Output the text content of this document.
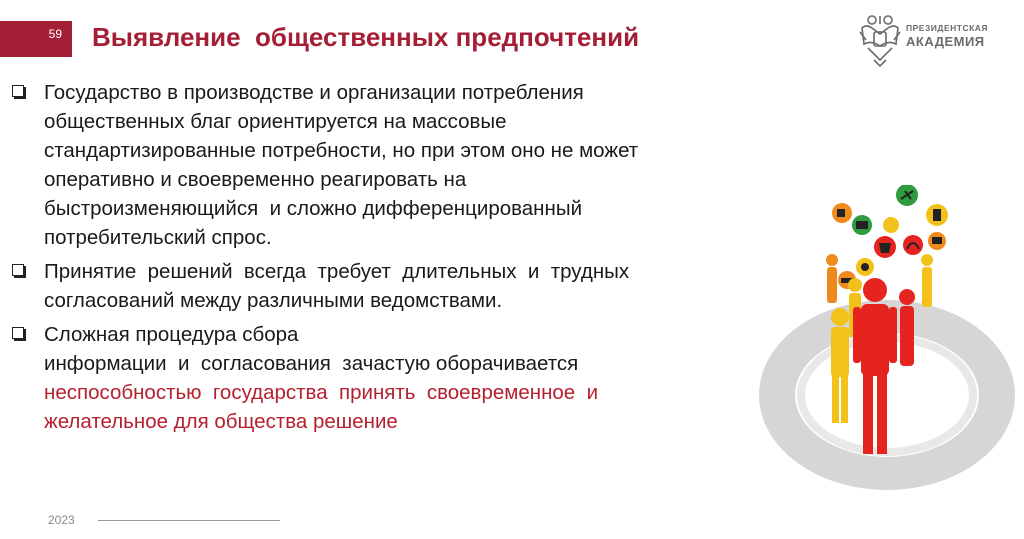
59 Выявление  общественных предпочтений	ПРЕЗИДЕНТСКАЯ
АКАДЕМИЯ

Государство в производстве и организации потребления
общественных благ ориентируется на массовые
стандартизированные потребности, но при этом оно не может
оперативно и своевременно реагировать на
быстроизменяющийся  и сложно дифференцированный
потребительский спрос.

Принятие  решений  всегда  требует  длительных  и  трудных
согласований между различными ведомствами.

Сложная процедура сбора
информации  и  согласования  зачастую оборачивается
неспособностью  государства  принять  своевременное  и
желательное для общества решение

2023
